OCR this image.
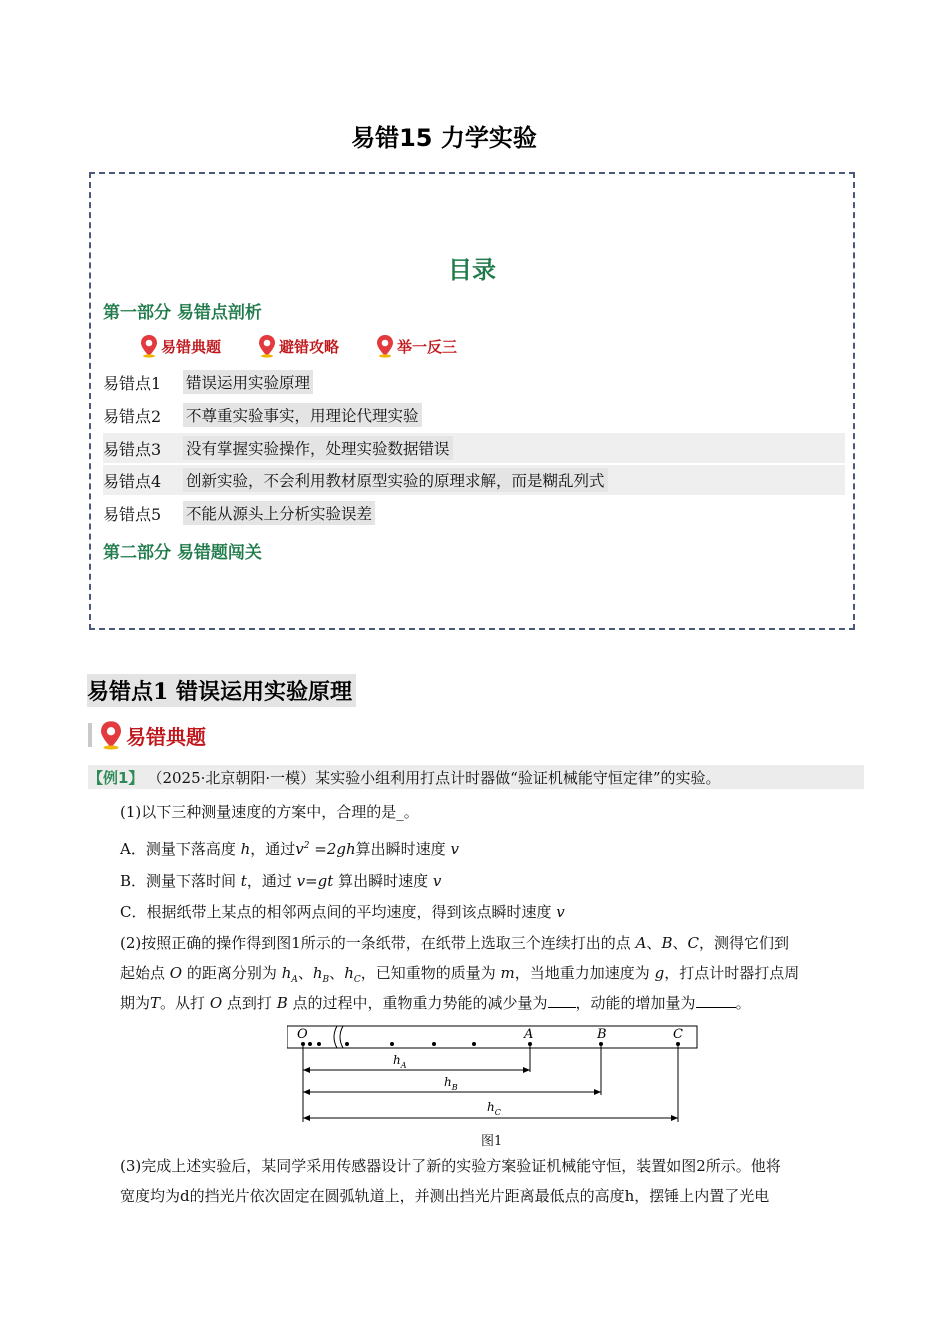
易错15 力学实验
目录
第一部分 易错点剖析
易错典题	避错攻略	举一反三
易错点1	错误运用实验原理
易错点2	不尊重实验事实，用理论代理实验
易错点3	没有掌握实验操作，处理实验数据错误
易错点4	创新实验，不会利用教材原型实验的原理求解，而是糊乱列式
易错点5	不能从源头上分析实验误差
第二部分 易错题闯关
易错点1 错误运用实验原理
易错典题
【例1】 （2025·北京朝阳·一模）某实验小组利用打点计时器做“验证机械能守恒定律”的实验。
(1)以下三种测量速度的方案中，合理的是_。
A．测量下落高度 h，通过$v^2 =2gh$算出瞬时速度 v
B．测量下落时间 t，通过 v=gt 算出瞬时速度 v
C．根据纸带上某点的相邻两点间的平均速度，得到该点瞬时速度 v
(2)按照正确的操作得到图1所示的一条纸带，在纸带上选取三个连续打出的点 A、B、C，测得它们到
起始点 O 的距离分别为 $h_A$、$h_B$、$h_C$，已知重物的质量为 m，当地重力加速度为 g，打点计时器打点周
期为T。从打 O 点到打 B 点的过程中，重物重力势能的减少量为 ，动能的增加量为	。
O	A	B	C
$h_A$
$h_B$
$h_C$
图1
(3)完成上述实验后，某同学采用传感器设计了新的实验方案验证机械能守恒，装置如图2所示。他将
宽度均为d的挡光片依次固定在圆弧轨道上，并测出挡光片距离最低点的高度h，摆锤上内置了光电
